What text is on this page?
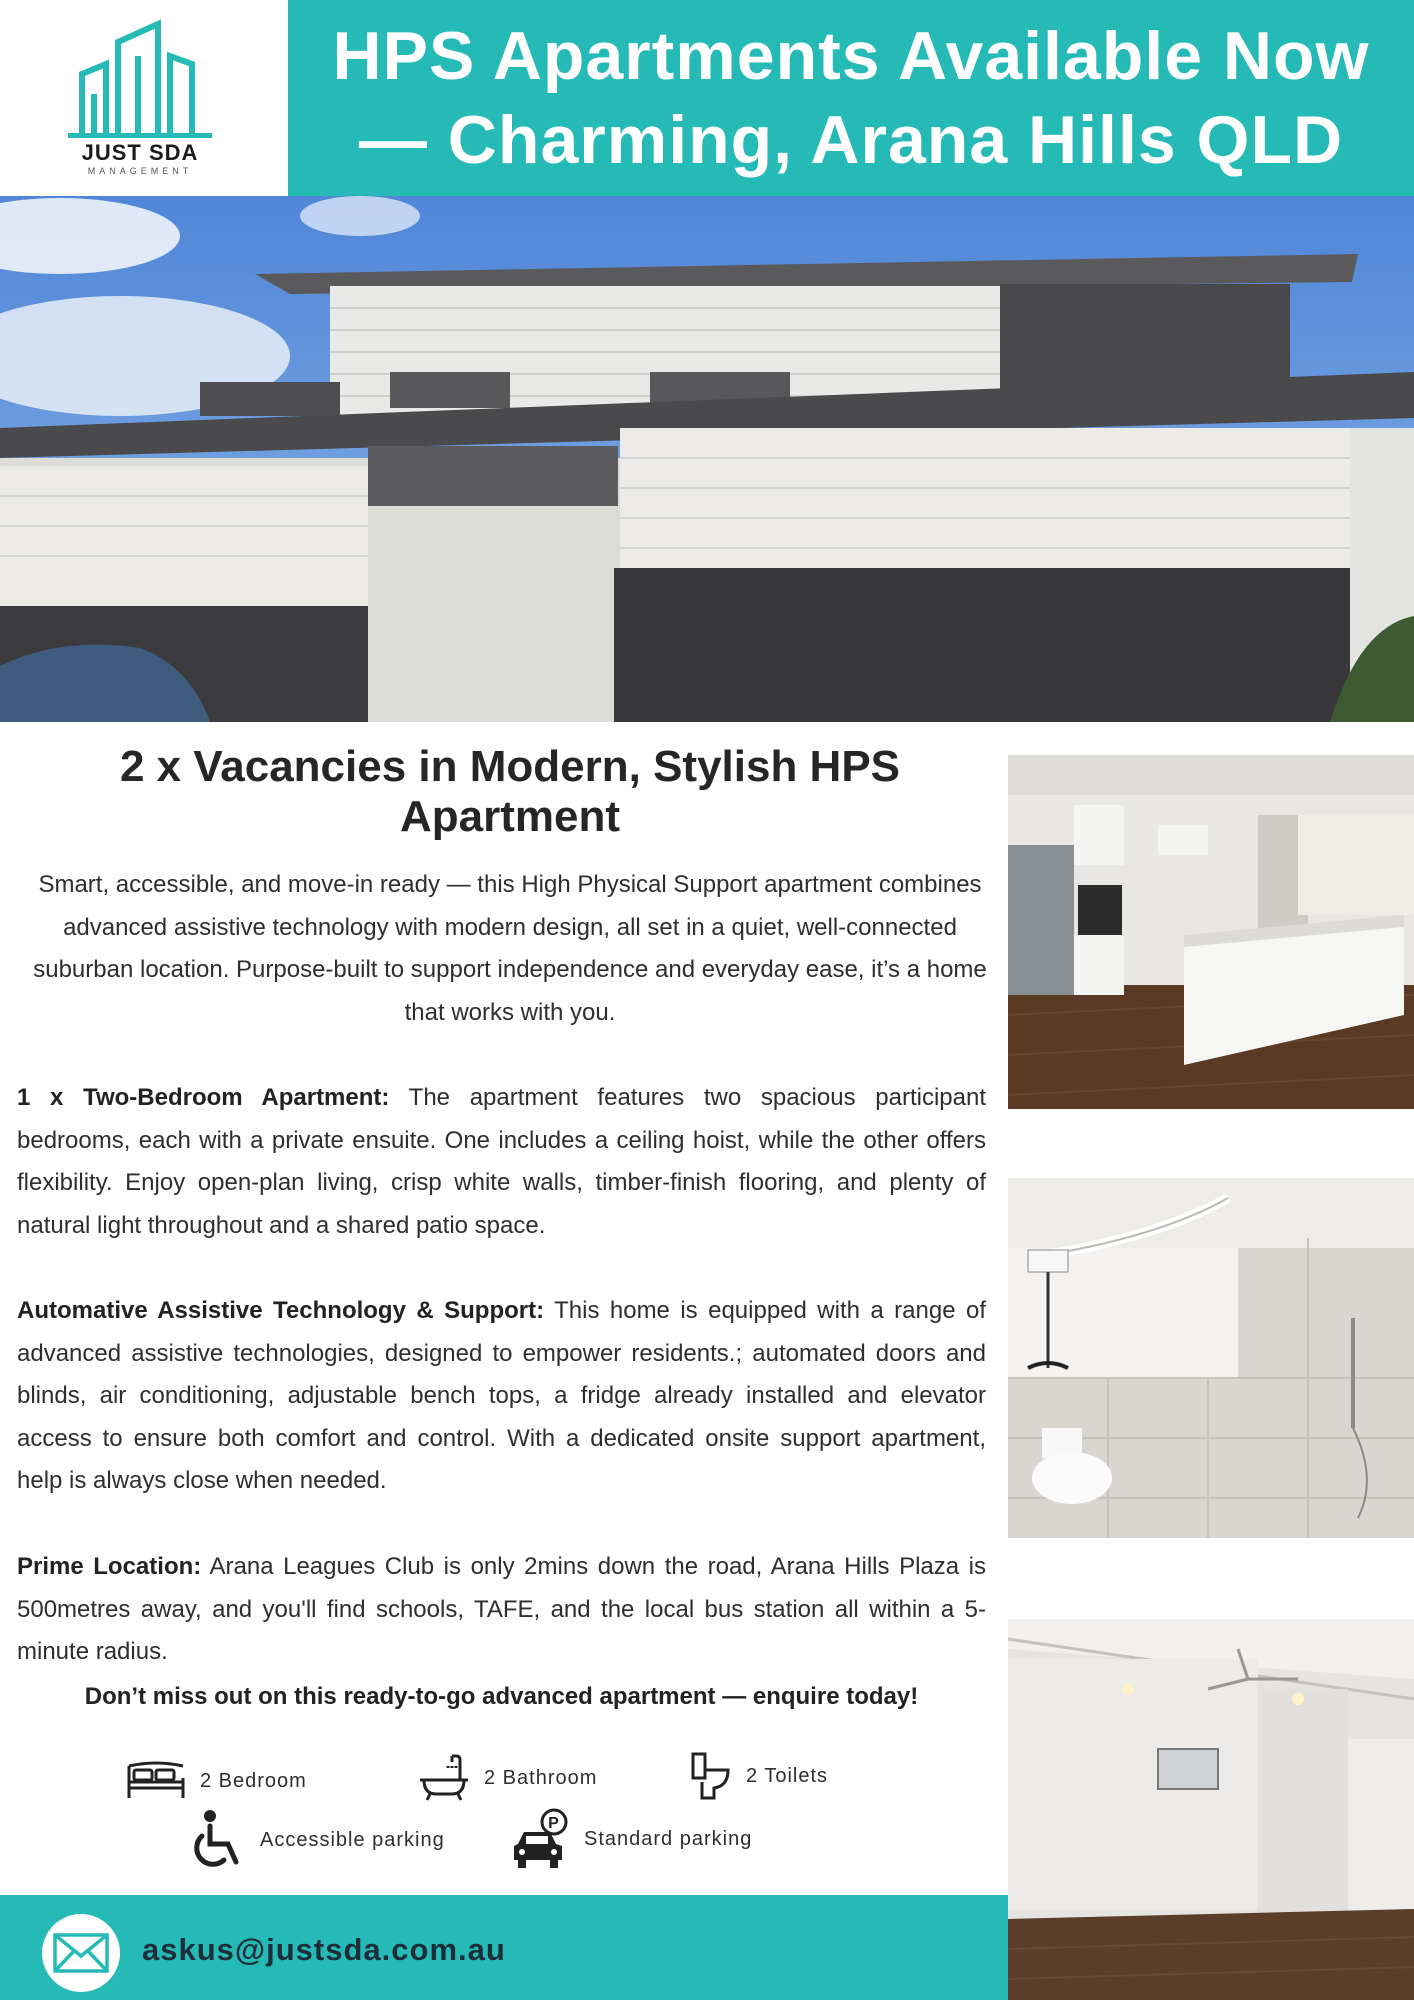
JUST SDA
MANAGEMENT
HPS Apartments Available Now
— Charming, Arana Hills QLD
2 x Vacancies in Modern, Stylish HPS Apartment
Smart, accessible, and move-in ready — this High Physical Support apartment combines advanced assistive technology with modern design, all set in a quiet, well-connected suburban location. Purpose-built to support independence and everyday ease, it’s a home that works with you.
1 x Two-Bedroom Apartment: The apartment features two spacious participant bedrooms, each with a private ensuite. One includes a ceiling hoist, while the other offers flexibility. Enjoy open-plan living, crisp white walls, timber-finish flooring, and plenty of natural light throughout and a shared patio space.
Automative Assistive Technology & Support: This home is equipped with a range of advanced assistive technologies, designed to empower residents.; automated doors and blinds, air conditioning, adjustable bench tops, a fridge already installed and elevator access to ensure both comfort and control. With a dedicated onsite support apartment, help is always close when needed.
Prime Location: Arana Leagues Club is only 2mins down the road, Arana Hills Plaza is 500metres away, and you'll find schools, TAFE, and the local bus station all within a 5-minute radius.
Don’t miss out on this ready-to-go advanced apartment — enquire today!
2 Bedroom	2 Bathroom	2 Toilets
Accessible parking
P
Standard parking
askus@justsda.com.au
